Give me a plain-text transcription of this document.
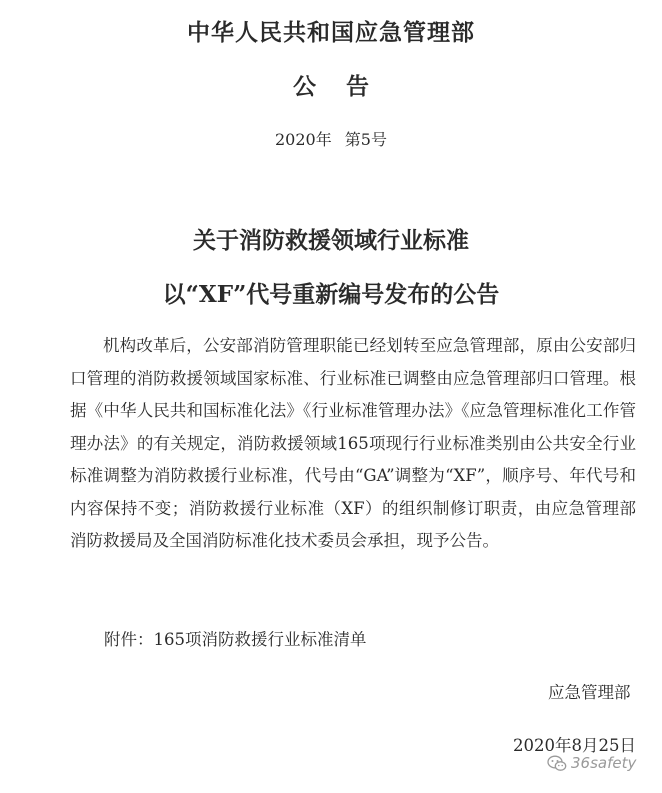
中华人民共和国应急管理部
公告
2020年 第5号
关于消防救援领域行业标准
以“XF”代号重新编号发布的公告
机构改革后，公安部消防管理职能已经划转至应急管理部，原由公安部归口管理的消防救援领域国家标准、行业标准已调整由应急管理部归口管理。根据《中华人民共和国标准化法》《行业标准管理办法》《应急管理标准化工作管理办法》的有关规定，消防救援领域165项现行行业标准类别由公共安全行业标准调整为消防救援行业标准，代号由“GA”调整为“XF”，顺序号、年代号和内容保持不变；消防救援行业标准（XF）的组织制修订职责，由应急管理部消防救援局及全国消防标准化技术委员会承担，现予公告。
附件：165项消防救援行业标准清单
应急管理部
2020年8月25日
36safety
